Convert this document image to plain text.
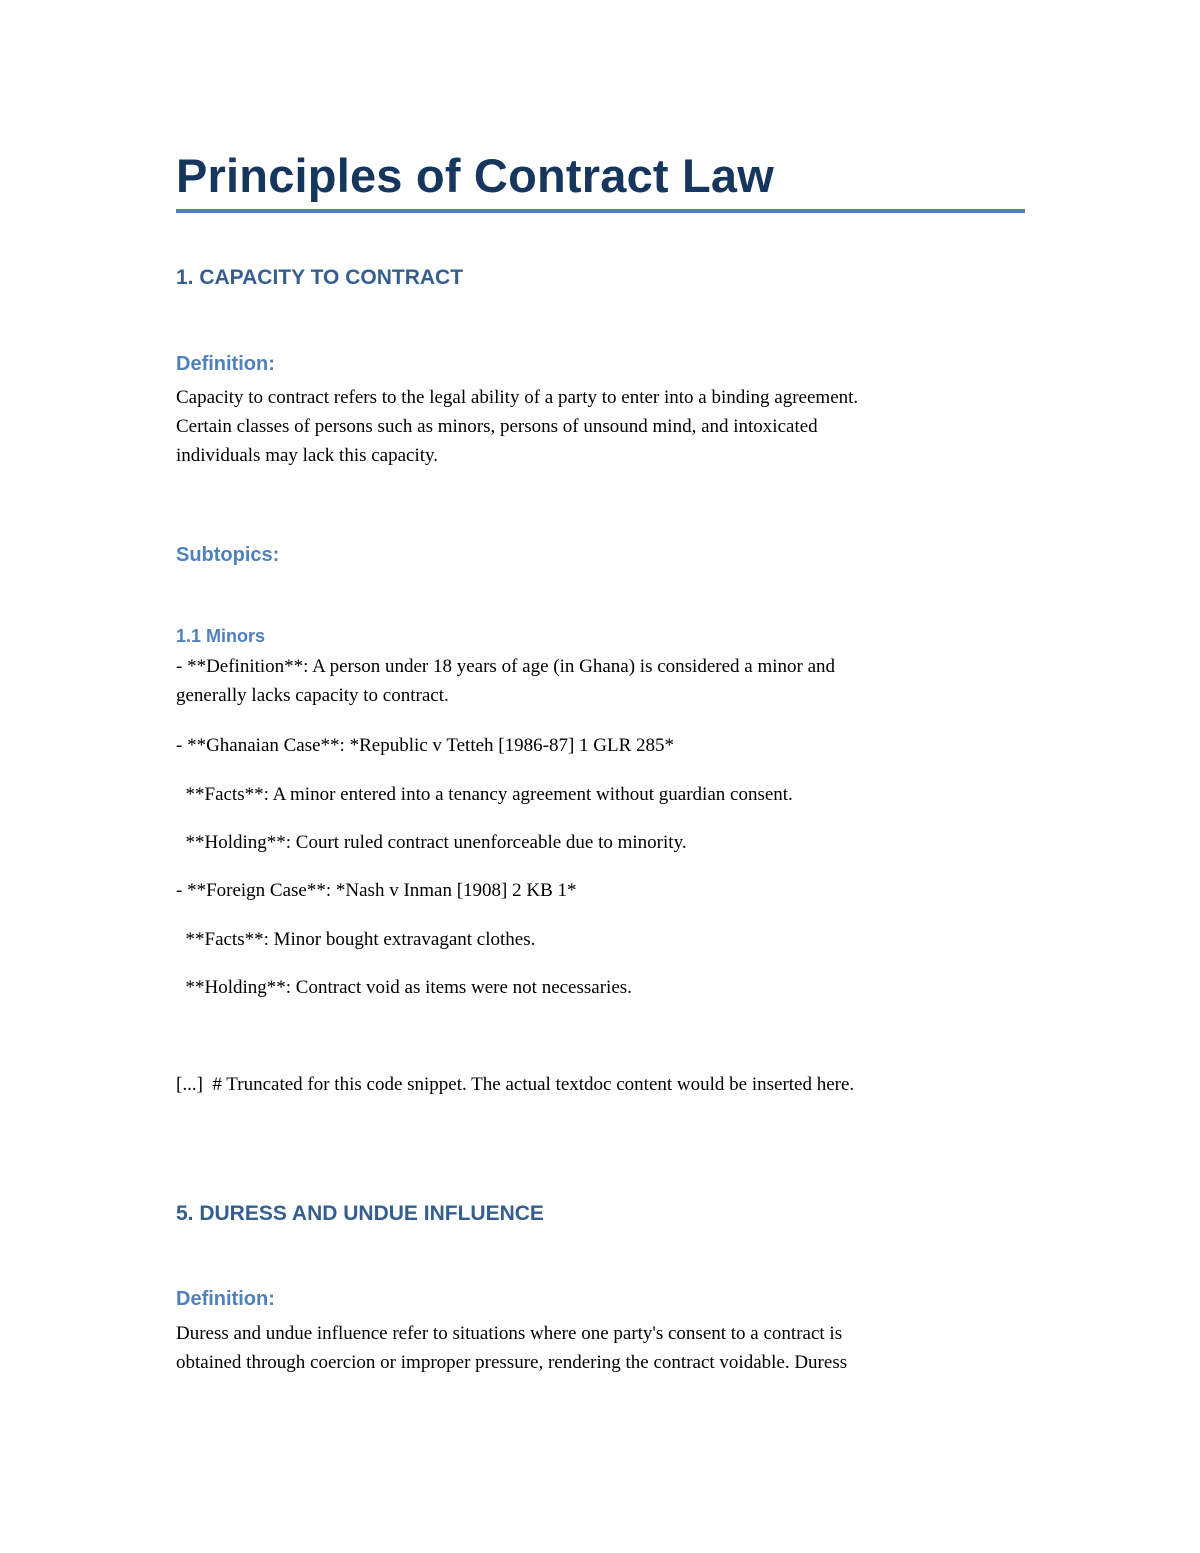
Principles of Contract Law
1. CAPACITY TO CONTRACT
Definition:

Capacity to contract refers to the legal ability of a party to enter into a binding agreement.

Certain classes of persons such as minors, persons of unsound mind, and intoxicated

individuals may lack this capacity.

Subtopics:
1.1 Minors

- **Definition**: A person under 18 years of age (in Ghana) is considered a minor and

generally lacks capacity to contract.

- **Ghanaian Case**: *Republic v Tetteh [1986-87] 1 GLR 285*

**Facts**: A minor entered into a tenancy agreement without guardian consent.

**Holding**: Court ruled contract unenforceable due to minority.

- **Foreign Case**: *Nash v Inman [1908] 2 KB 1*

**Facts**: Minor bought extravagant clothes.

**Holding**: Contract void as items were not necessaries.

[...]  # Truncated for this code snippet. The actual textdoc content would be inserted here.

5. DURESS AND UNDUE INFLUENCE
Definition:

Duress and undue influence refer to situations where one party's consent to a contract is

obtained through coercion or improper pressure, rendering the contract voidable. Duress
